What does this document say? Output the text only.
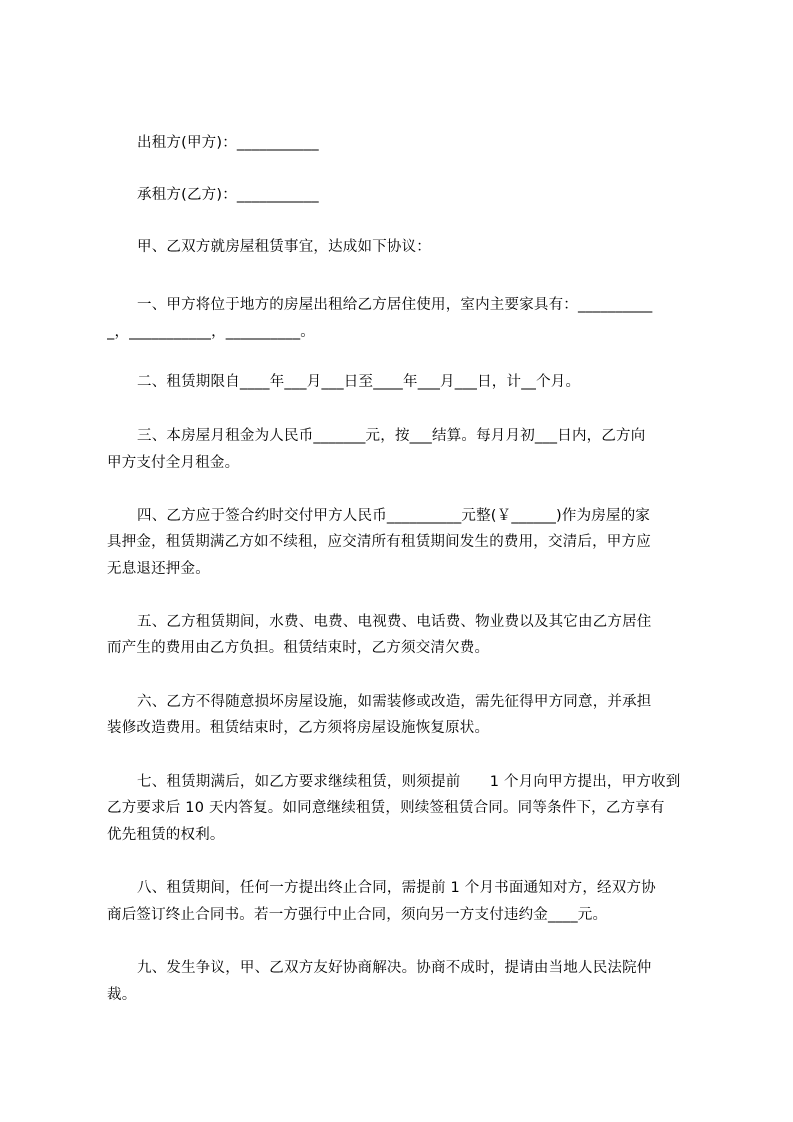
出租方(甲方)：___________
承租方(乙方)：___________
甲、乙双方就房屋租赁事宜，达成如下协议：
一、甲方将位于地方的房屋出租给乙方居住使用，室内主要家具有：__________
_，___________，__________。
二、租赁期限自____年___月___日至____年___月___日，计__个月。
三、本房屋月租金为人民币_______元，按___结算。每月月初___日内，乙方向
甲方支付全月租金。
四、乙方应于签合约时交付甲方人民币__________元整(￥______)作为房屋的家
具押金，租赁期满乙方如不续租，应交清所有租赁期间发生的费用，交清后，甲方应
无息退还押金。
五、乙方租赁期间，水费、电费、电视费、电话费、物业费以及其它由乙方居住
而产生的费用由乙方负担。租赁结束时，乙方须交清欠费。
六、乙方不得随意损坏房屋设施，如需装修或改造，需先征得甲方同意，并承担
装修改造费用。租赁结束时，乙方须将房屋设施恢复原状。
七、租赁期满后，如乙方要求继续租赁，则须提前　　1 个月向甲方提出，甲方收到
乙方要求后 10 天内答复。如同意继续租赁，则续签租赁合同。同等条件下，乙方享有
优先租赁的权利。
八、租赁期间，任何一方提出终止合同，需提前 1 个月书面通知对方，经双方协
商后签订终止合同书。若一方强行中止合同，须向另一方支付违约金____元。
九、发生争议，甲、乙双方友好协商解决。协商不成时，提请由当地人民法院仲
裁。
